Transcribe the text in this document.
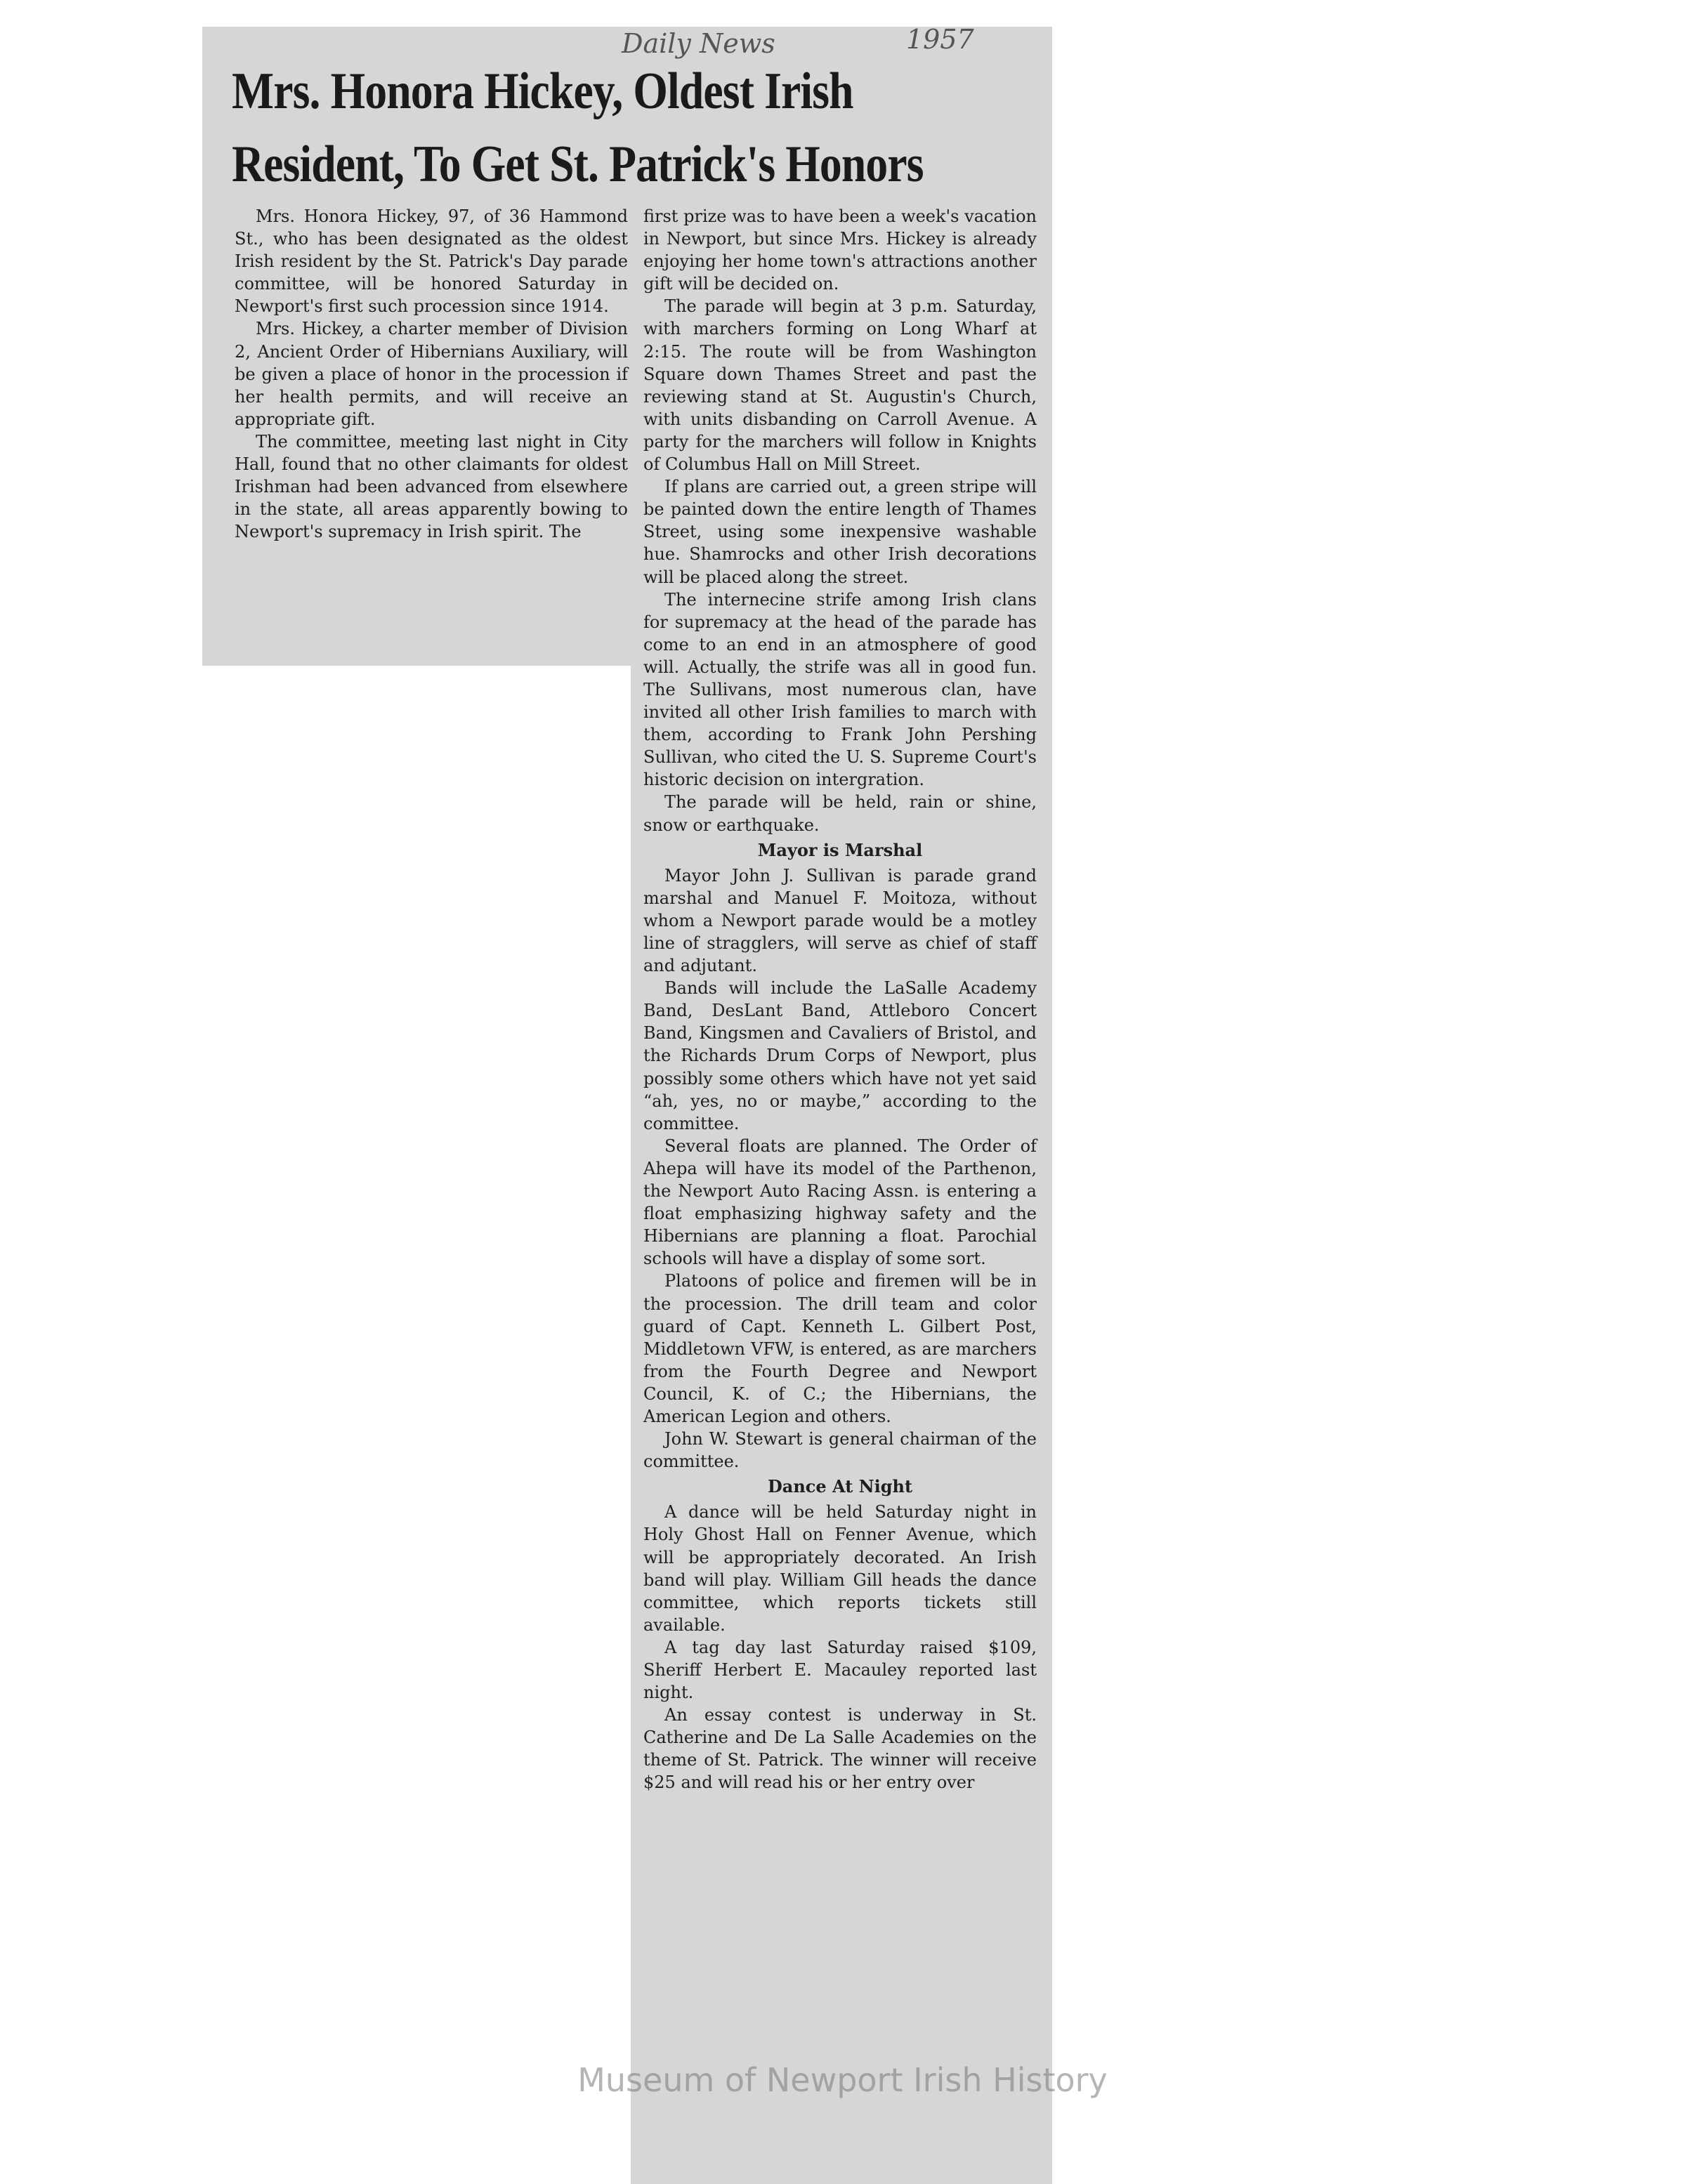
Daily News	1957
Mrs. Honora Hickey, Oldest Irish Resident, To Get St. Patrick's Honors

Mrs. Honora Hickey, 97, of 36 Hammond St., who has been designated as the oldest Irish resident by the St. Patrick's Day parade committee, will be honored Saturday in Newport's first such procession since 1914.

Mrs. Hickey, a charter member of Division 2, Ancient Order of Hibernians Auxiliary, will be given a place of honor in the procession if her health permits, and will receive an appropriate gift.

The committee, meeting last night in City Hall, found that no other claimants for oldest Irishman had been advanced from elsewhere in the state, all areas apparently bowing to Newport's supremacy in Irish spirit. The

first prize was to have been a week's vacation in Newport, but since Mrs. Hickey is already enjoying her home town's attractions another gift will be decided on.

The parade will begin at 3 p.m. Saturday, with marchers forming on Long Wharf at 2:15. The route will be from Washington Square down Thames Street and past the reviewing stand at St. Augustin's Church, with units disbanding on Carroll Avenue. A party for the marchers will follow in Knights of Columbus Hall on Mill Street.

If plans are carried out, a green stripe will be painted down the entire length of Thames Street, using some inexpensive washable hue. Shamrocks and other Irish decorations will be placed along the street.

The internecine strife among Irish clans for supremacy at the head of the parade has come to an end in an atmosphere of good will. Actually, the strife was all in good fun. The Sullivans, most numerous clan, have invited all other Irish families to march with them, according to Frank John Pershing Sullivan, who cited the U. S. Supreme Court's historic decision on intergration.

The parade will be held, rain or shine, snow or earthquake.

Mayor is Marshal

Mayor John J. Sullivan is parade grand marshal and Manuel F. Moitoza, without whom a Newport parade would be a motley line of stragglers, will serve as chief of staff and adjutant.

Bands will include the LaSalle Academy Band, DesLant Band, Attleboro Concert Band, Kingsmen and Cavaliers of Bristol, and the Richards Drum Corps of Newport, plus possibly some others which have not yet said “ah, yes, no or maybe,” according to the committee.

Several floats are planned. The Order of Ahepa will have its model of the Parthenon, the Newport Auto Racing Assn. is entering a float emphasizing highway safety and the Hibernians are planning a float. Parochial schools will have a display of some sort.

Platoons of police and firemen will be in the procession. The drill team and color guard of Capt. Kenneth L. Gilbert Post, Middletown VFW, is entered, as are marchers from the Fourth Degree and Newport Council, K. of C.; the Hibernians, the American Legion and others.

John W. Stewart is general chairman of the committee.

Dance At Night

A dance will be held Saturday night in Holy Ghost Hall on Fenner Avenue, which will be appropriately decorated. An Irish band will play. William Gill heads the dance committee, which reports tickets still available.

A tag day last Saturday raised $109, Sheriff Herbert E. Macauley reported last night.

An essay contest is underway in St. Catherine and De La Salle Academies on the theme of St. Patrick. The winner will receive $25 and will read his or her entry over

Museum of Newport Irish History
